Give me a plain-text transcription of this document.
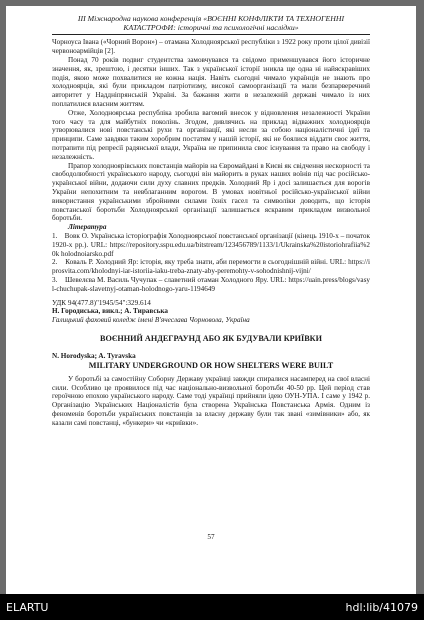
ІІІ Міжнародна наукова конференція «ВОЄННІ КОНФЛІКТИ ТА ТЕХНОГЕННІ
КАТАСТРОФИ: історичні та психологічні наслідки»

Чорноуса Івана («Чорний Ворон») – отамана Холодноярської республіки з 1922 року проти цілої дивізії червоноармійців [2].

Понад 70 років подвиг студентства замовчувався та свідомо применшувався його історичне значення, як, зрештою, і десятки інших. Так з української історії зникла ще одна ні найяскравіших подія, якою може похвалитися не кожна нація. Навіть сьогодні чимало українців не знають про холодноярців, які були прикладом патріотизму, високої самоорганізації та мали безпарверечний авторитет у Наддніпрянській Україні. За бажання жити в незалежній державі чимало із них поплатилися власним життям.

Отже, Холодноярська республіка зробила вагомий внесок у відновлення незалежності України того часу та для майбутніх поколінь. Згодом, дивлячись на приклад відважних холодноярців утворювалися нові повстанські рухи та організації, які несли за собою націоналістичні ідеї та принципи. Саме завдяки таким хоробрим постатям у нашій історії, які не боялися віддати своє життя, потрапити під репресії радянської влади, Україна не припинила своє існування та право на свободу і незалежність.

Прапор холодноярівських повстанців майорів на Євромайдані в Києві як свідчення нескорності та свободолюбності українського народу, сьогодні він майорить в руках наших воїнів під час російсько-української війни, додаючи сили духу славних предків. Холодний Яр і досі залишається для ворогів України непохитним та невблаганним ворогом. В умовах новітньої російсько-української війни використання українськими збройними силами їхніх гасел та символіки доводить, що історія повстанської боротьби Холодноярської організації залишається яскравим прикладом визвольної боротьби.

Література

1. Вовк О. Українська історіографія Холодноярської повстанської організації (кінець 1910-х – початок 1920-х рр.). URL: https://repository.sspu.edu.ua/bitstream/123456789/1133/1/Ukrainska%20istoriohrafiia%20k holodnoiarsko.pdf

2. Коваль Р. Холодний Яр: історія, яку треба знати, аби перемогти в сьогоднішній війні. URL: https://iprosvita.com/kholodnyi-iar-istoriia-iaku-treba-znaty-aby-peremohty-v-sohodnishnij-vijni/

3. Шевелєва М. Василь Чучупак – славетний отаман Холодного Яру. URL: https://uain.press/blogs/vasyl-chuchupak-slavetnyj-otaman-holodnogo-yaru-1194649

УДК 94(477.8)"1945/54":329.614

Н. Городиська, викл.; А. Тиравська

Галицький фаховий коледж імені В'ячеслава Чорновола, Україна

ВОЄННИЙ АНДЕГРАУНД АБО ЯК БУДУВАЛИ КРИЇВКИ

N. Horodyska; A. Tyravska

MILITARY UNDERGROUND OR HOW SHELTERS WERE BUILT

У боротьбі за самостійну Соборну Державу українці завжди спиралися насамперед на свої власні сили. Особливо це проявилося під час національно-визвольної боротьби 40-50 рр. Цей період став героїчною епохою українського народу. Саме тоді українці прийняли ідею ОУН-УПА. І саме у 1942 р. Організацію Українських Націоналістів була створена Українська Повстанська Армія. Одним із феноменів боротьби українських повстанців за власну державу були так звані «зимівники» або, як казали самі повстанці, «бункери» чи «криївки».

57
ELARTU	hdl:lib/41079
